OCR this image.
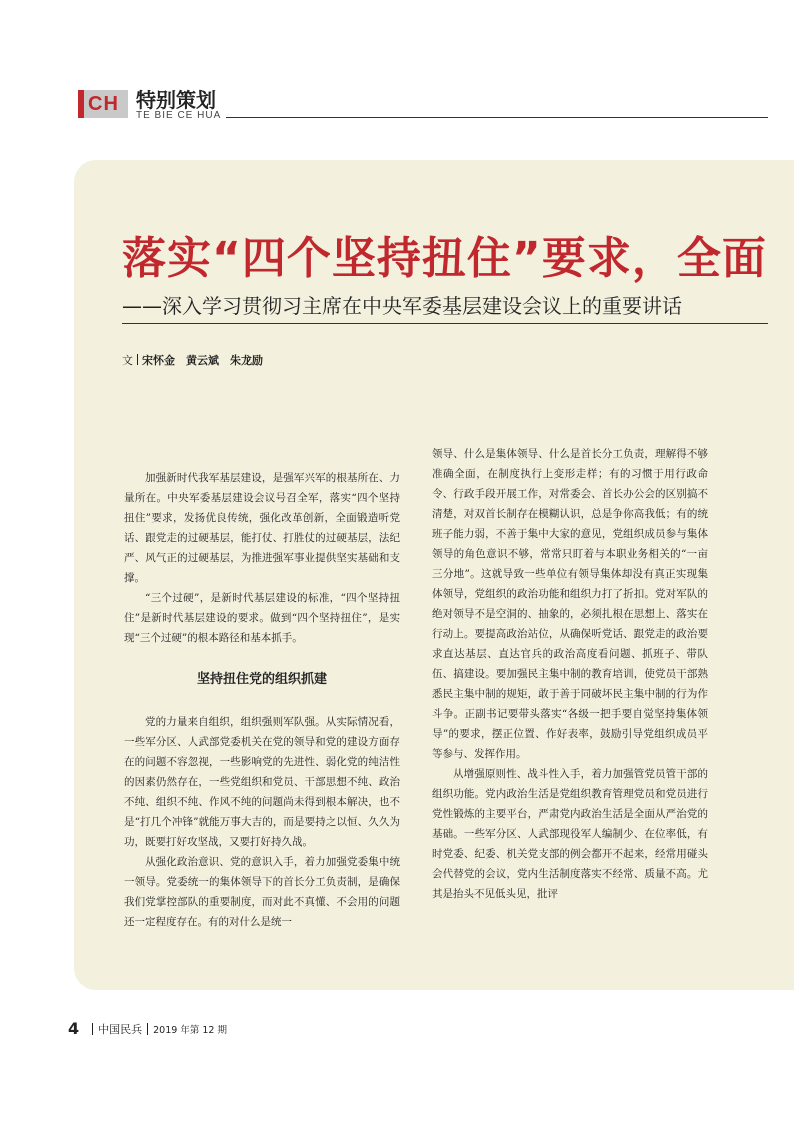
CH 特别策划
TE BIE CE HUA
落实“四个坚持扭住”要求，全面
——深入学习贯彻习主席在中央军委基层建设会议上的重要讲话
文 宋怀金　黄云斌　朱龙励

加强新时代我军基层建设，是强军兴军的根基所在、力量所在。中央军委基层建设会议号召全军，落实“四个坚持扭住”要求，发扬优良传统，强化改革创新，全面锻造听党话、跟党走的过硬基层，能打仗、打胜仗的过硬基层，法纪严、风气正的过硬基层，为推进强军事业提供坚实基础和支撑。

“三个过硬”，是新时代基层建设的标准，“四个坚持扭住”是新时代基层建设的要求。做到“四个坚持扭住”，是实现“三个过硬”的根本路径和基本抓手。

坚持扭住党的组织抓建

党的力量来自组织，组织强则军队强。从实际情况看，一些军分区、人武部党委机关在党的领导和党的建设方面存在的问题不容忽视，一些影响党的先进性、弱化党的纯洁性的因素仍然存在，一些党组织和党员、干部思想不纯、政治不纯、组织不纯、作风不纯的问题尚未得到根本解决，也不是“打几个冲锋”就能万事大吉的，而是要持之以恒、久久为功，既要打好攻坚战，又要打好持久战。

从强化政治意识、党的意识入手，着力加强党委集中统一领导。党委统一的集体领导下的首长分工负责制，是确保我们党掌控部队的重要制度，而对此不真懂、不会用的问题还一定程度存在。有的对什么是统一

领导、什么是集体领导、什么是首长分工负责，理解得不够准确全面，在制度执行上变形走样；有的习惯于用行政命令、行政手段开展工作，对常委会、首长办公会的区别搞不清楚，对双首长制存在模糊认识，总是争你高我低；有的统班子能力弱，不善于集中大家的意见，党组织成员参与集体领导的角色意识不够，常常只盯着与本职业务相关的“一亩三分地”。这就导致一些单位有领导集体却没有真正实现集体领导，党组织的政治功能和组织力打了折扣。党对军队的绝对领导不是空洞的、抽象的，必须扎根在思想上、落实在行动上。要提高政治站位，从确保听党话、跟党走的政治要求直达基层、直达官兵的政治高度看问题、抓班子、带队伍、搞建设。要加强民主集中制的教育培训，使党员干部熟悉民主集中制的规矩，敢于善于同破坏民主集中制的行为作斗争。正副书记要带头落实“各级一把手要自觉坚持集体领导”的要求，摆正位置、作好表率，鼓励引导党组织成员平等参与、发挥作用。

从增强原则性、战斗性入手，着力加强管党员管干部的组织功能。党内政治生活是党组织教育管理党员和党员进行党性锻炼的主要平台，严肃党内政治生活是全面从严治党的基础。一些军分区、人武部现役军人编制少、在位率低，有时党委、纪委、机关党支部的例会都开不起来，经常用碰头会代替党的会议，党内生活制度落实不经常、质量不高。尤其是抬头不见低头见，批评

4 中国民兵 2019 年第 12 期
